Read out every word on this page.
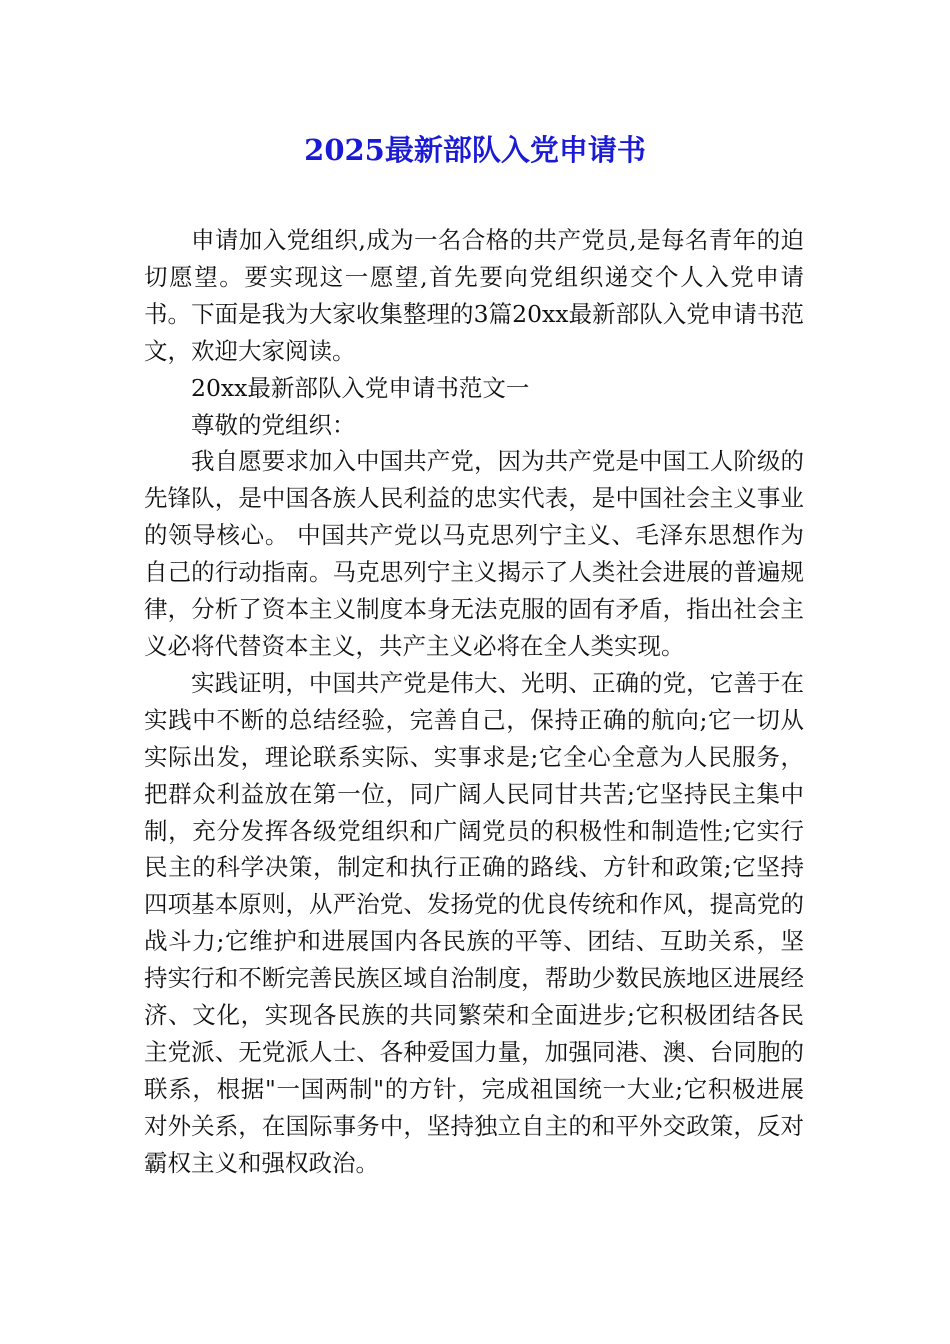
2025最新部队入党申请书

申请加入党组织,成为一名合格的共产党员,是每名青年的迫切愿望。要实现这一愿望,首先要向党组织递交个人入党申请书。下面是我为大家收集整理的3篇20xx最新部队入党申请书范文，欢迎大家阅读。

20xx最新部队入党申请书范文一

尊敬的党组织：

我自愿要求加入中国共产党，因为共产党是中国工人阶级的先锋队，是中国各族人民利益的忠实代表，是中国社会主义事业的领导核心。 中国共产党以马克思列宁主义、毛泽东思想作为自己的行动指南。马克思列宁主义揭示了人类社会进展的普遍规律，分析了资本主义制度本身无法克服的固有矛盾，指出社会主义必将代替资本主义，共产主义必将在全人类实现。

实践证明，中国共产党是伟大、光明、正确的党，它善于在实践中不断的总结经验，完善自己，保持正确的航向;它一切从实际出发，理论联系实际、实事求是;它全心全意为人民服务，把群众利益放在第一位，同广阔人民同甘共苦;它坚持民主集中制，充分发挥各级党组织和广阔党员的积极性和制造性;它实行民主的科学决策，制定和执行正确的路线、方针和政策;它坚持四项基本原则，从严治党、发扬党的优良传统和作风，提高党的战斗力;它维护和进展国内各民族的平等、团结、互助关系，坚持实行和不断完善民族区域自治制度，帮助少数民族地区进展经济、文化，实现各民族的共同繁荣和全面进步;它积极团结各民主党派、无党派人士、各种爱国力量，加强同港、澳、台同胞的联系，根据"一国两制"的方针，完成祖国统一大业;它积极进展对外关系，在国际事务中，坚持独立自主的和平外交政策，反对霸权主义和强权政治。
